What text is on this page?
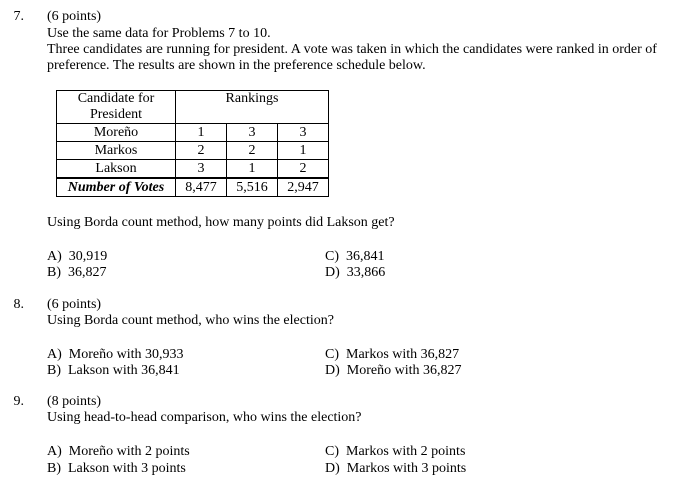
7. (6 points)
Use the same data for Problems 7 to 10.
Three candidates are running for president. A vote was taken in which the candidates were ranked in order of
preference. The results are shown in the preference schedule below.
Candidate for
President	Rankings		
Moreño	1	3	3
Markos	2	2	1
Lakson	3	1	2
Number of Votes	8,477	5,516	2,947
Using Borda count method, how many points did Lakson get?
A) 30,919
B) 36,827
C) 36,841
D) 33,866
8. (6 points)
Using Borda count method, who wins the election?
A) Moreño with 30,933
B) Lakson with 36,841
C) Markos with 36,827
D) Moreño with 36,827
9. (8 points)
Using head-to-head comparison, who wins the election?
A) Moreño with 2 points
B) Lakson with 3 points
C) Markos with 2 points
D) Markos with 3 points
